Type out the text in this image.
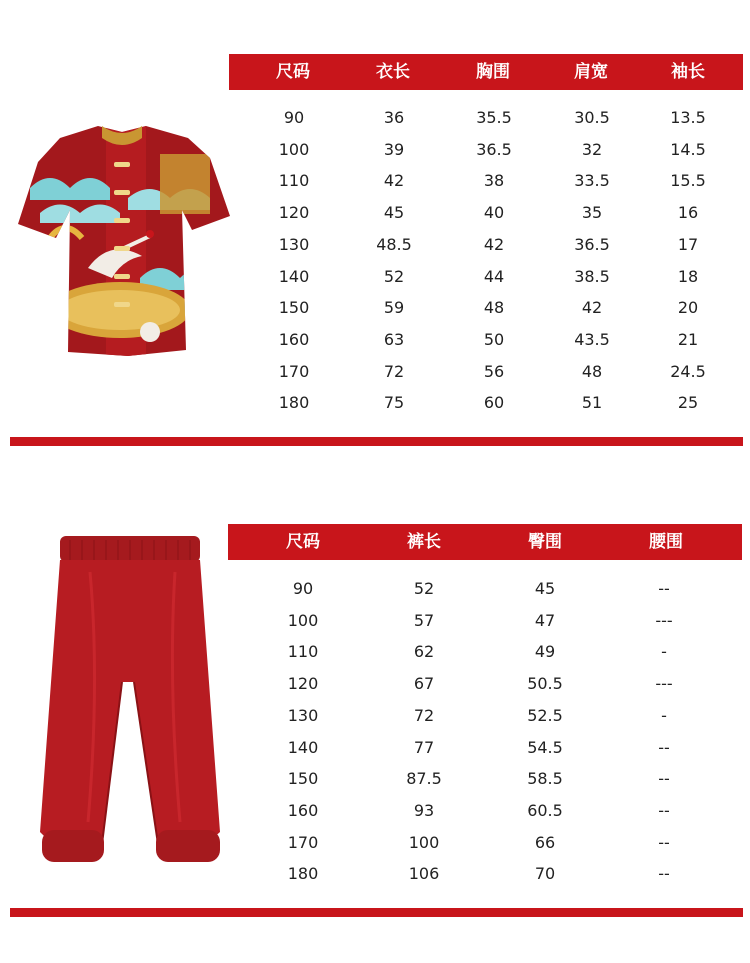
尺码	衣长	胸围	肩宽	袖长
90	36	35.5	30.5	13.5
100	39	36.5	32	14.5
110	42	38	33.5	15.5
120	45	40	35	16
130	48.5	42	36.5	17
140	52	44	38.5	18
150	59	48	42	20
160	63	50	43.5	21
170	72	56	48	24.5
180	75	60	51	25
尺码	裤长	臀围	腰围
90	52	45	--
100	57	47	---
110	62	49	-
120	67	50.5	---
130	72	52.5	-
140	77	54.5	--
150	87.5	58.5	--
160	93	60.5	--
170	100	66	--
180	106	70	--
